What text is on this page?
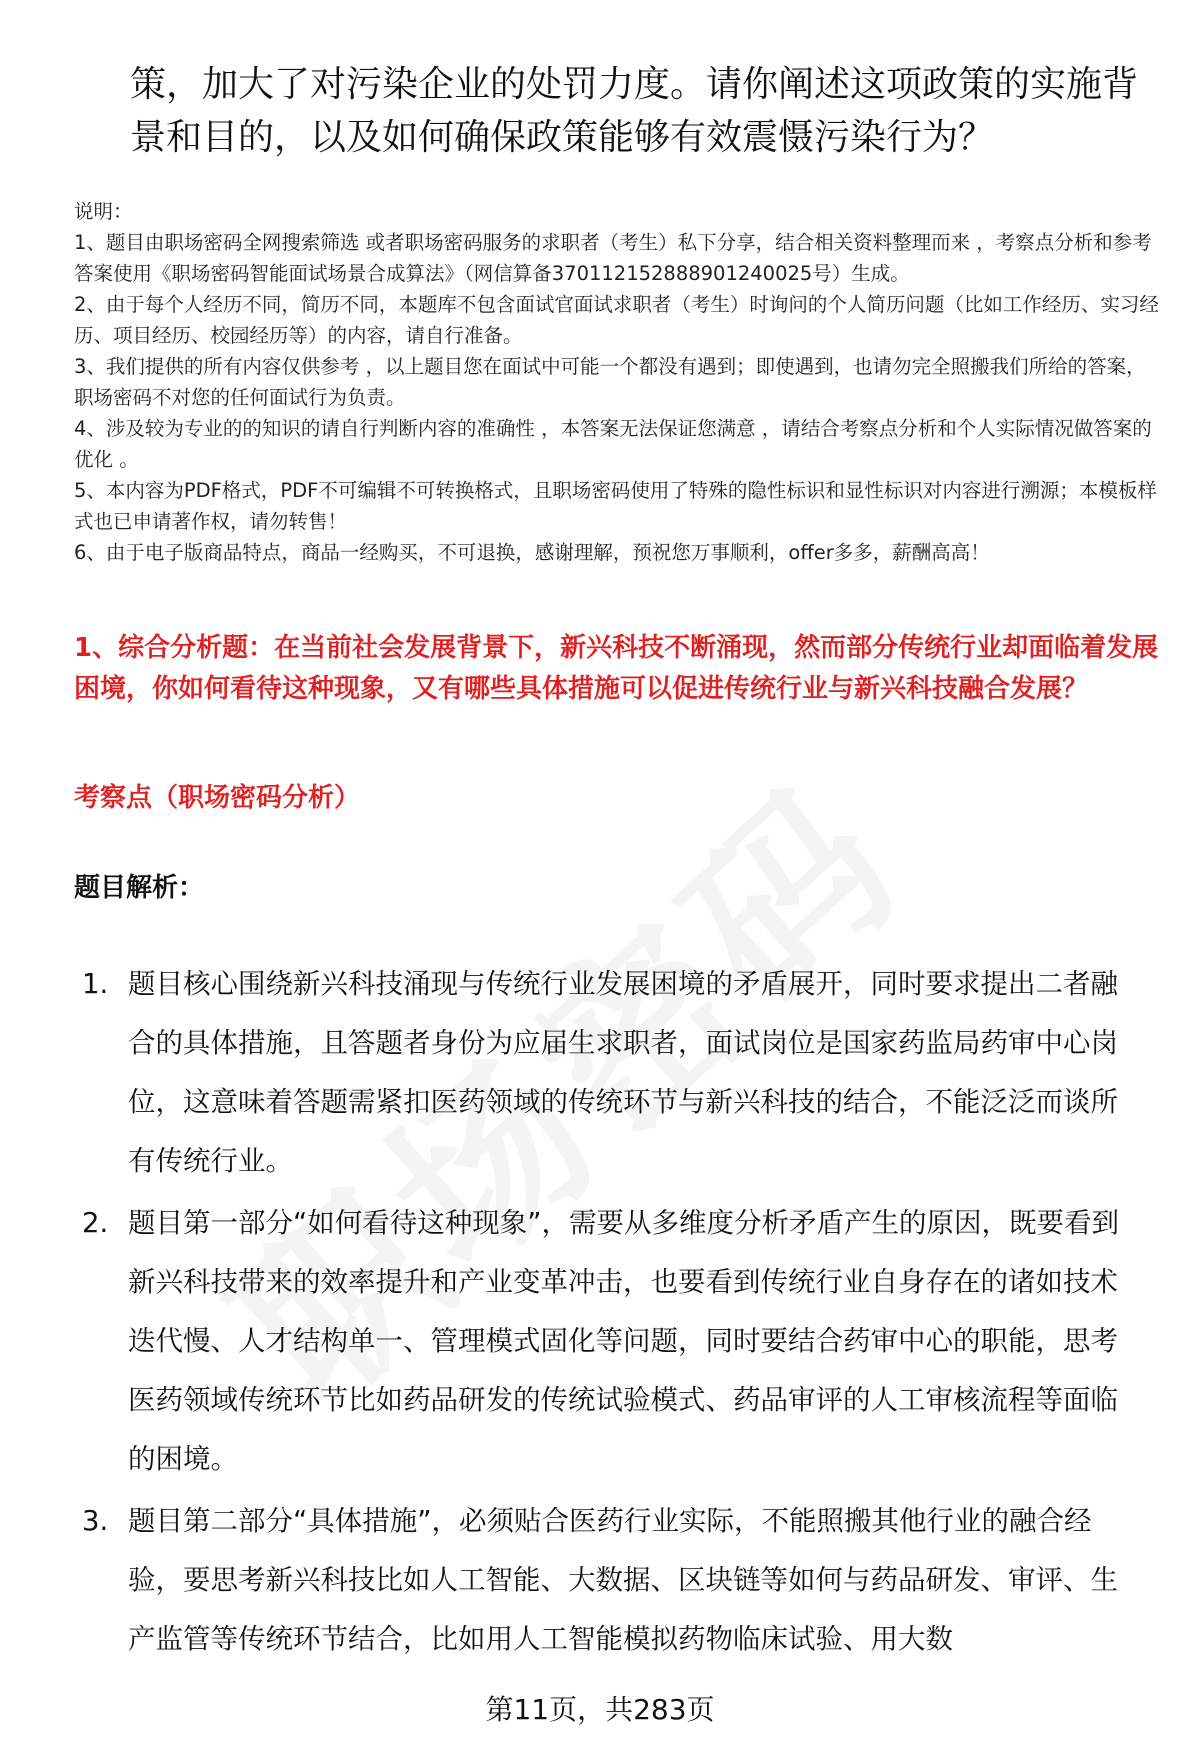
策，加大了对污染企业的处罚力度。请你阐述这项政策的实施背景和目的，以及如何确保政策能够有效震慑污染行为？

说明：

1、题目由职场密码全网搜索筛选 或者职场密码服务的求职者（考生）私下分享，结合相关资料整理而来 ，考察点分析和参考答案使用《职场密码智能面试场景合成算法》（网信算备370112152888901240025号）生成。

2、由于每个人经历不同，简历不同，本题库不包含面试官面试求职者（考生）时询问的个人简历问题（比如工作经历、实习经历、项目经历、校园经历等）的内容，请自行准备。

3、我们提供的所有内容仅供参考 ，以上题目您在面试中可能一个都没有遇到；即使遇到，也请勿完全照搬我们所给的答案，职场密码不对您的任何面试行为负责。

4、涉及较为专业的的知识的请自行判断内容的准确性 ，本答案无法保证您满意 ，请结合考察点分析和个人实际情况做答案的优化 。

5、本内容为PDF格式，PDF不可编辑不可转换格式，且职场密码使用了特殊的隐性标识和显性标识对内容进行溯源；本模板样式也已申请著作权，请勿转售！

6、由于电子版商品特点，商品一经购买，不可退换，感谢理解，预祝您万事顺利，offer多多，薪酬高高！

1、综合分析题：在当前社会发展背景下，新兴科技不断涌现，然而部分传统行业却面临着发展困境，你如何看待这种现象，又有哪些具体措施可以促进传统行业与新兴科技融合发展？
考察点（职场密码分析）
题目解析：
1. 题目核心围绕新兴科技涌现与传统行业发展困境的矛盾展开，同时要求提出二者融合的具体措施，且答题者身份为应届生求职者，面试岗位是国家药监局药审中心岗位，这意味着答题需紧扣医药领域的传统环节与新兴科技的结合，不能泛泛而谈所有传统行业。
2. 题目第一部分“如何看待这种现象”，需要从多维度分析矛盾产生的原因，既要看到新兴科技带来的效率提升和产业变革冲击，也要看到传统行业自身存在的诸如技术迭代慢、人才结构单一、管理模式固化等问题，同时要结合药审中心的职能，思考医药领域传统环节比如药品研发的传统试验模式、药品审评的人工审核流程等面临的困境。
3. 题目第二部分“具体措施”，必须贴合医药行业实际，不能照搬其他行业的融合经验，要思考新兴科技比如人工智能、大数据、区块链等如何与药品研发、审评、生产监管等传统环节结合，比如用人工智能模拟药物临床试验、用大数
第11页，共283页
